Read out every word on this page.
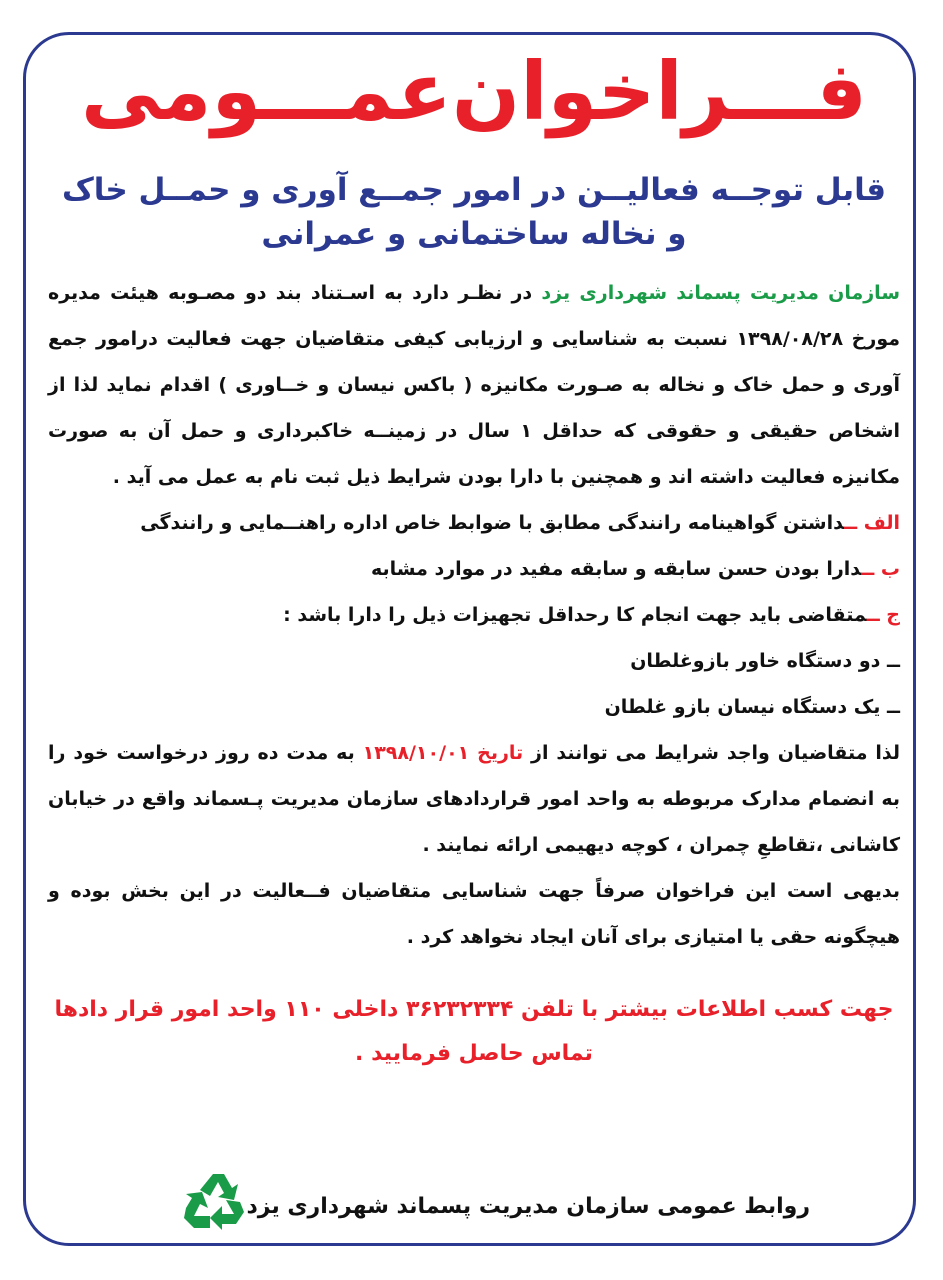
فـــراخوان‌عمـــومی
قابل توجــه فعالیــن در امور جمــع آوری و حمــل خاک
و نخاله ساختمانی و عمرانی

سازمان مدیریت پسماند شهرداری یزد در نظـر دارد به اسـتناد بند دو مصـوبه هیئت مدیره مورخ ۱۳۹۸/۰۸/۲۸ نسبت به شناسایی و ارزیابی کیفی متقاضیان جهت فعالیت درامور جمع آوری و حمل خاک و نخاله به صـورت مکانیزه ( باکس نیسان و خــاوری ) اقدام نماید لذا از اشخاص حقیقی و حقوقی که حداقل ۱ سال در زمینــه خاکبرداری و حمل آن به صورت مکانیزه فعالیت داشته اند و همچنین با دارا بودن شرایط ذیل ثبت نام به عمل می آید .

الف ــداشتن گواهینامه رانندگی مطابق با ضوابط خاص اداره راهنــمایی و رانندگی

ب ــدارا بودن حسن سابقه و سابقه مفید در موارد مشابه

ج ــمتقاضی باید جهت انجام کا رحداقل تجهیزات ذیل را دارا باشد :

ــ دو دستگاه خاور بازوغلطان

ــ یک دستگاه نیسان بازو غلطان

لذا متقاضیان واجد شرایط می توانند از تاریخ ۱۳۹۸/۱۰/۰۱ به مدت ده روز درخواست خود را به انضمام مدارک مربوطه به واحد امور قراردادهای سازمان مدیریت پـسماند واقع در خیابان کاشانی ،تقاطعِ چمران ، کوچه دیهیمی ارائه نمایند .

بدیهی است این فراخوان صرفاً جهت شناسایی متقاضیان فــعالیت در این بخش بوده و هیچگونه حقی یا امتیازی برای آنان ایجاد نخواهد کرد .

جهت کسب اطلاعات بیشتر با تلفن ۳۶۲۳۲۳۳۴ داخلی ۱۱۰ واحد امور قرار دادها
تماس حاصل فرمایید .
روابط عمومی سازمان مدیریت پسماند شهرداری یزد
